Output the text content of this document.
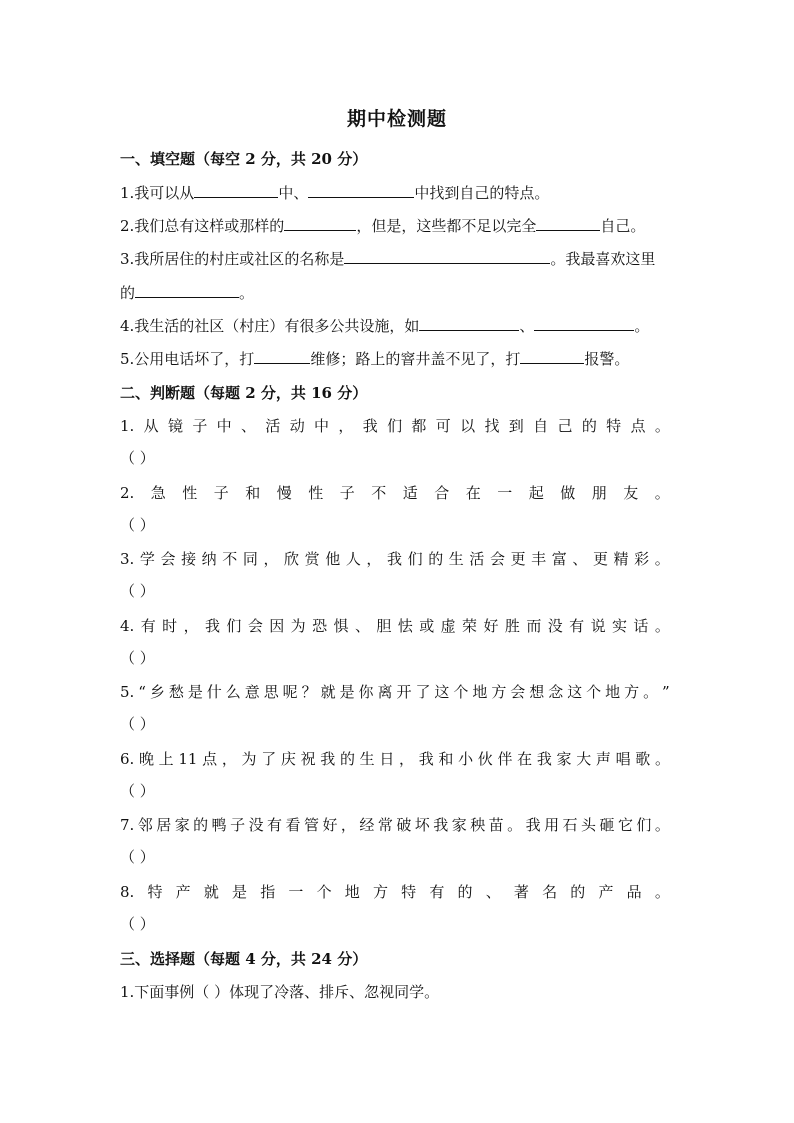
期中检测题
一、填空题（每空 2 分，共 20 分）
1.我可以从	中、	中找到自己的特点。
2.我们总有这样或那样的	，但是，这些都不足以完全	自己。
3.我所居住的村庄或社区的名称是	。我最喜欢这里
的	。
4.我生活的社区（村庄）有很多公共设施，如	、	。
5.公用电话坏了，打	维修；路上的窨井盖不见了，打	报警。
二、判断题（每题 2 分，共 16 分）
1. 从 镜 子 中 、 活 动 中 ， 我 们 都 可 以 找 到 自 己 的 特 点 。
（ ）
2. 急 性 子 和 慢 性 子 不 适 合 在 一 起 做 朋 友 。
（ ）
3. 学 会 接 纳 不 同 ， 欣 赏 他 人 ， 我 们 的 生 活 会 更 丰 富 、 更 精 彩 。
（ ）
4. 有 时 ， 我 们 会 因 为 恐 惧 、 胆 怯 或 虚 荣 好 胜 而 没 有 说 实 话 。
（ ）
5. “ 乡 愁 是 什 么 意 思 呢 ？ 就 是 你 离 开 了 这 个 地 方 会 想 念 这 个 地 方 。 ”
（ ）
6. 晚 上 11 点 ， 为 了 庆 祝 我 的 生 日 ， 我 和 小 伙 伴 在 我 家 大 声 唱 歌 。
（ ）
7. 邻 居 家 的 鸭 子 没 有 看 管 好 ， 经 常 破 坏 我 家 秧 苗 。 我 用 石 头 砸 它 们 。
（ ）
8. 特 产 就 是 指 一 个 地 方 特 有 的 、 著 名 的 产 品 。
（ ）
三、选择题（每题 4 分，共 24 分）
1.下面事例（ ）体现了冷落、排斥、忽视同学。
